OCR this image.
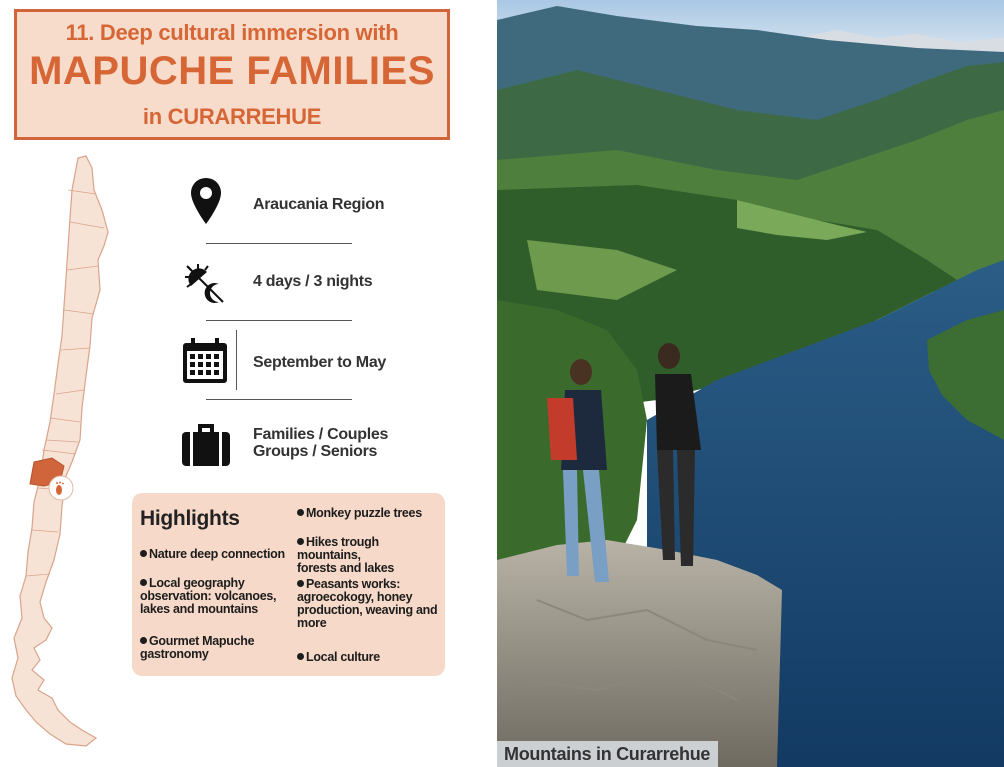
11. Deep cultural immersion with
MAPUCHE FAMILIES
in CURARREHUE
Araucania Region
4 days / 3 nights
September to May
Families / Couples
Groups / Seniors
Highlights
Nature deep connection
Local geography
observation: volcanoes,
lakes and mountains
Gourmet Mapuche
gastronomy
Monkey puzzle trees
Hikes trough mountains,
forests and lakes
Peasants works:
agroecokogy, honey
production, weaving and
more
Local culture
Mountains in Curarrehue
